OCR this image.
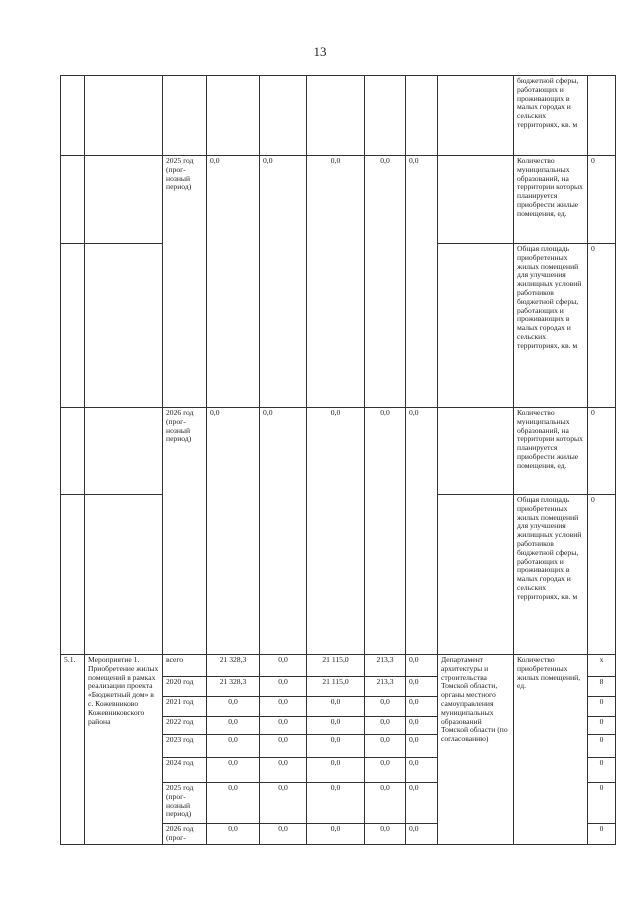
13
									бюджетной сферы, работающих и проживающих в малых городах и сельских территориях, кв. м	
		2025 год (прог-нозный период)	0,0	0,0	0,0	0,0	0,0		Количество муниципальных образований, на территории которых планируется приобрести жилые помещения, ед.	0
									Общая площадь приобретенных жилых помещений для улучшения жилищных условий работников бюджетной сферы, работающих и проживающих в малых городах и сельских территориях, кв. м	0
		2026 год (прог-нозный период)	0,0	0,0	0,0	0,0	0,0		Количество муниципальных образований, на территории которых планируется приобрести жилые помещения, ед.	0
									Общая площадь приобретенных жилых помещений для улучшения жилищных условий работников бюджетной сферы, работающих и проживающих в малых городах и сельских территориях, кв. м	0
5.1.	Мероприятие 1. Приобретение жилых помещений в рамках реализации проекта «Бюджетный дом» в с. Кожевниково Кожевниковского района	всего	21 328,3	0,0	21 115,0	213,3	0,0	Департамент архитектуры и строительства Томской области, органы местного самоуправления муниципальных образований Томской области (по согласованию)	Количество приобретенных жилых помещений, ед.	х
		2020 год	21 328,3	0,0	21 115,0	213,3	0,0			8
		2021 год	0,0	0,0	0,0	0,0	0,0			0
		2022 год	0,0	0,0	0,0	0,0	0,0			0
		2023 год	0,0	0,0	0,0	0,0	0,0			0
		2024 год	0,0	0,0	0,0	0,0	0,0			0
		2025 год (прог-нозный период)	0,0	0,0	0,0	0,0	0,0			0
		2026 год (прог-	0,0	0,0	0,0	0,0	0,0			0
